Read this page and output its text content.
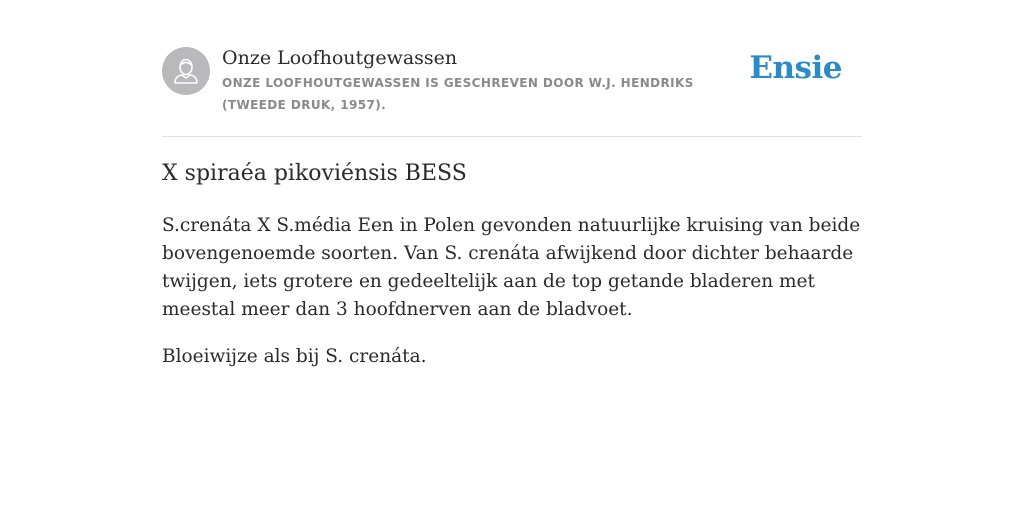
Onze Loofhoutgewassen

ONZE LOOFHOUTGEWASSEN IS GESCHREVEN DOOR W.J. HENDRIKS (TWEEDE DRUK, 1957).

Ensie
X spiraéa pikoviénsis BESS

S.crenáta X S.média Een in Polen gevonden natuurlijke kruising van beide bovengenoemde soorten. Van S. crenáta afwijkend door dichter behaarde twijgen, iets grotere en gedeeltelijk aan de top getande bladeren met meestal meer dan 3 hoofdnerven aan de bladvoet.

Bloeiwijze als bij S. crenáta.
